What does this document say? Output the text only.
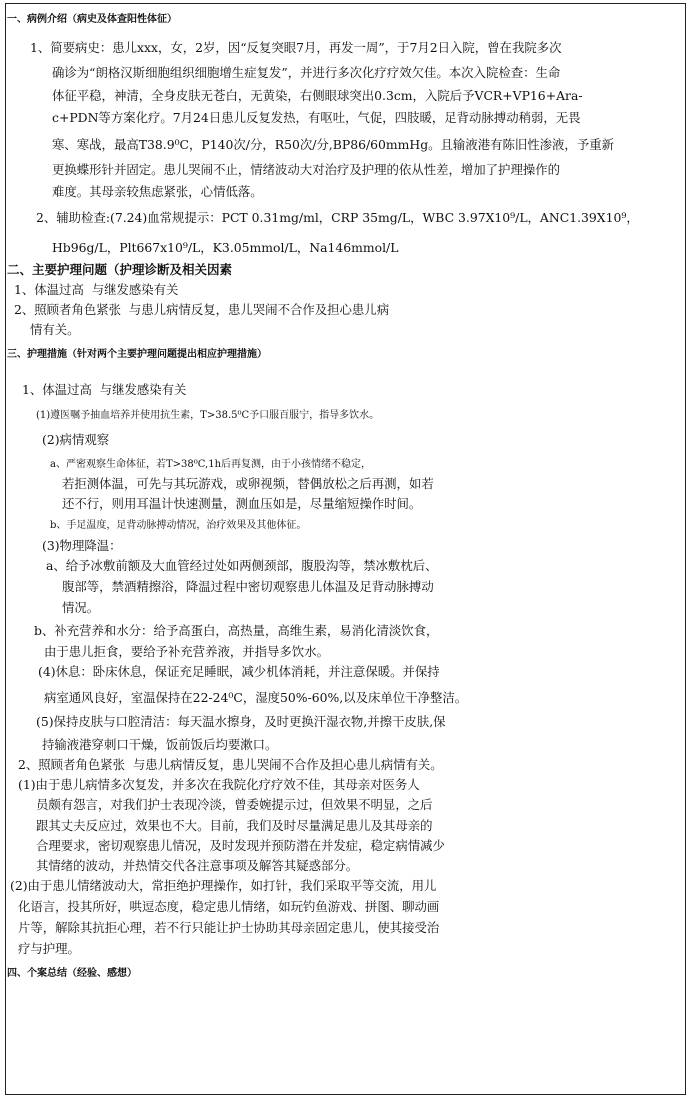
一、病例介绍（病史及体查阳性体征）
1、简要病史：患儿xxx，女，2岁，因“反复突眼7月，再发一周”，于7月2日入院，曾在我院多次
确诊为“朗格汉斯细胞组织细胞增生症复发”，并进行多次化疗疗效欠佳。本次入院检查：生命
体征平稳，神清，全身皮肤无苍白，无黄染，右侧眼球突出0.3cm，入院后予VCR+VP16+Ara-
c+PDN等方案化疗。7月24日患儿反复发热，有呕吐，气促，四肢暖，足背动脉搏动稍弱，无畏
寒、寒战，最高T38.9⁰C，P140次/分，R50次/分,BP86/60mmHg。且输液港有陈旧性渗液，予重新
更换蝶形针并固定。患儿哭闹不止，情绪波动大对治疗及护理的依从性差，增加了护理操作的
难度。其母亲较焦虑紧张，心情低落。
2、辅助检查:(7.24)血常规提示：PCT 0.31mg/ml，CRP 35mg/L，WBC 3.97X10⁹/L，ANC1.39X10⁹，
Hb96g/L，Plt667x10⁹/L，K3.05mmol/L，Na146mmol/L
二、主要护理问题（护理诊断及相关因素
1、体温过高  与继发感染有关
2、照顾者角色紧张  与患儿病情反复，患儿哭闹不合作及担心患儿病
情有关。
三、护理措施（针对两个主要护理问题提出相应护理措施）
1、体温过高  与继发感染有关
(1)遵医嘱予抽血培养并使用抗生素，T>38.5⁰C予口服百服宁，指导多饮水。
(2)病情观察
a、严密观察生命体征，若T>38⁰C,1h后再复测，由于小孩情绪不稳定，
若拒测体温，可先与其玩游戏，或卵视频，替偶放松之后再测，如若
还不行，则用耳温计快速测量，测血压如是，尽量缩短操作时间。
b、手足温度，足背动脉搏动情况，治疗效果及其他体征。
(3)物理降温：
a、给予冰敷前额及大血管经过处如两侧颈部，腹股沟等，禁冰敷枕后、
腹部等，禁酒精擦浴，降温过程中密切观察患儿体温及足背动脉搏动
情况。
b、补充营养和水分：给予高蛋白，高热量，高维生素，易消化清淡饮食，
由于患儿拒食，要给予补充营养液，并指导多饮水。
(4)休息：卧床休息，保证充足睡眠，减少机体消耗，并注意保暖。并保持
病室通风良好，室温保持在22-24⁰C，湿度50%-60%,以及床单位干净整洁。
(5)保持皮肤与口腔清洁：每天温水擦身，及时更换汗湿衣物,并擦干皮肤,保
持输液港穿刺口干燥，饭前饭后均要漱口。
2、照顾者角色紧张  与患儿病情反复，患儿哭闹不合作及担心患儿病情有关。
(1)由于患儿病情多次复发，并多次在我院化疗疗效不佳，其母亲对医务人
员颇有怨言，对我们护士表现冷淡，曾委婉提示过，但效果不明显，之后
跟其丈夫反应过，效果也不大。目前，我们及时尽量满足患儿及其母亲的
合理要求，密切观察患儿情况，及时发现并预防潜在并发症，稳定病情减少
其情绪的波动，并热情交代各注意事项及解答其疑惑部分。
(2)由于患儿情绪波动大，常拒绝护理操作，如打针，我们采取平等交流，用儿
化语言，投其所好，哄逗态度，稳定患儿情绪，如玩钓鱼游戏、拼图、聊动画
片等，解除其抗拒心理，若不行只能让护士协助其母亲固定患儿，使其接受治
疗与护理。
四、个案总结（经验、感想）
